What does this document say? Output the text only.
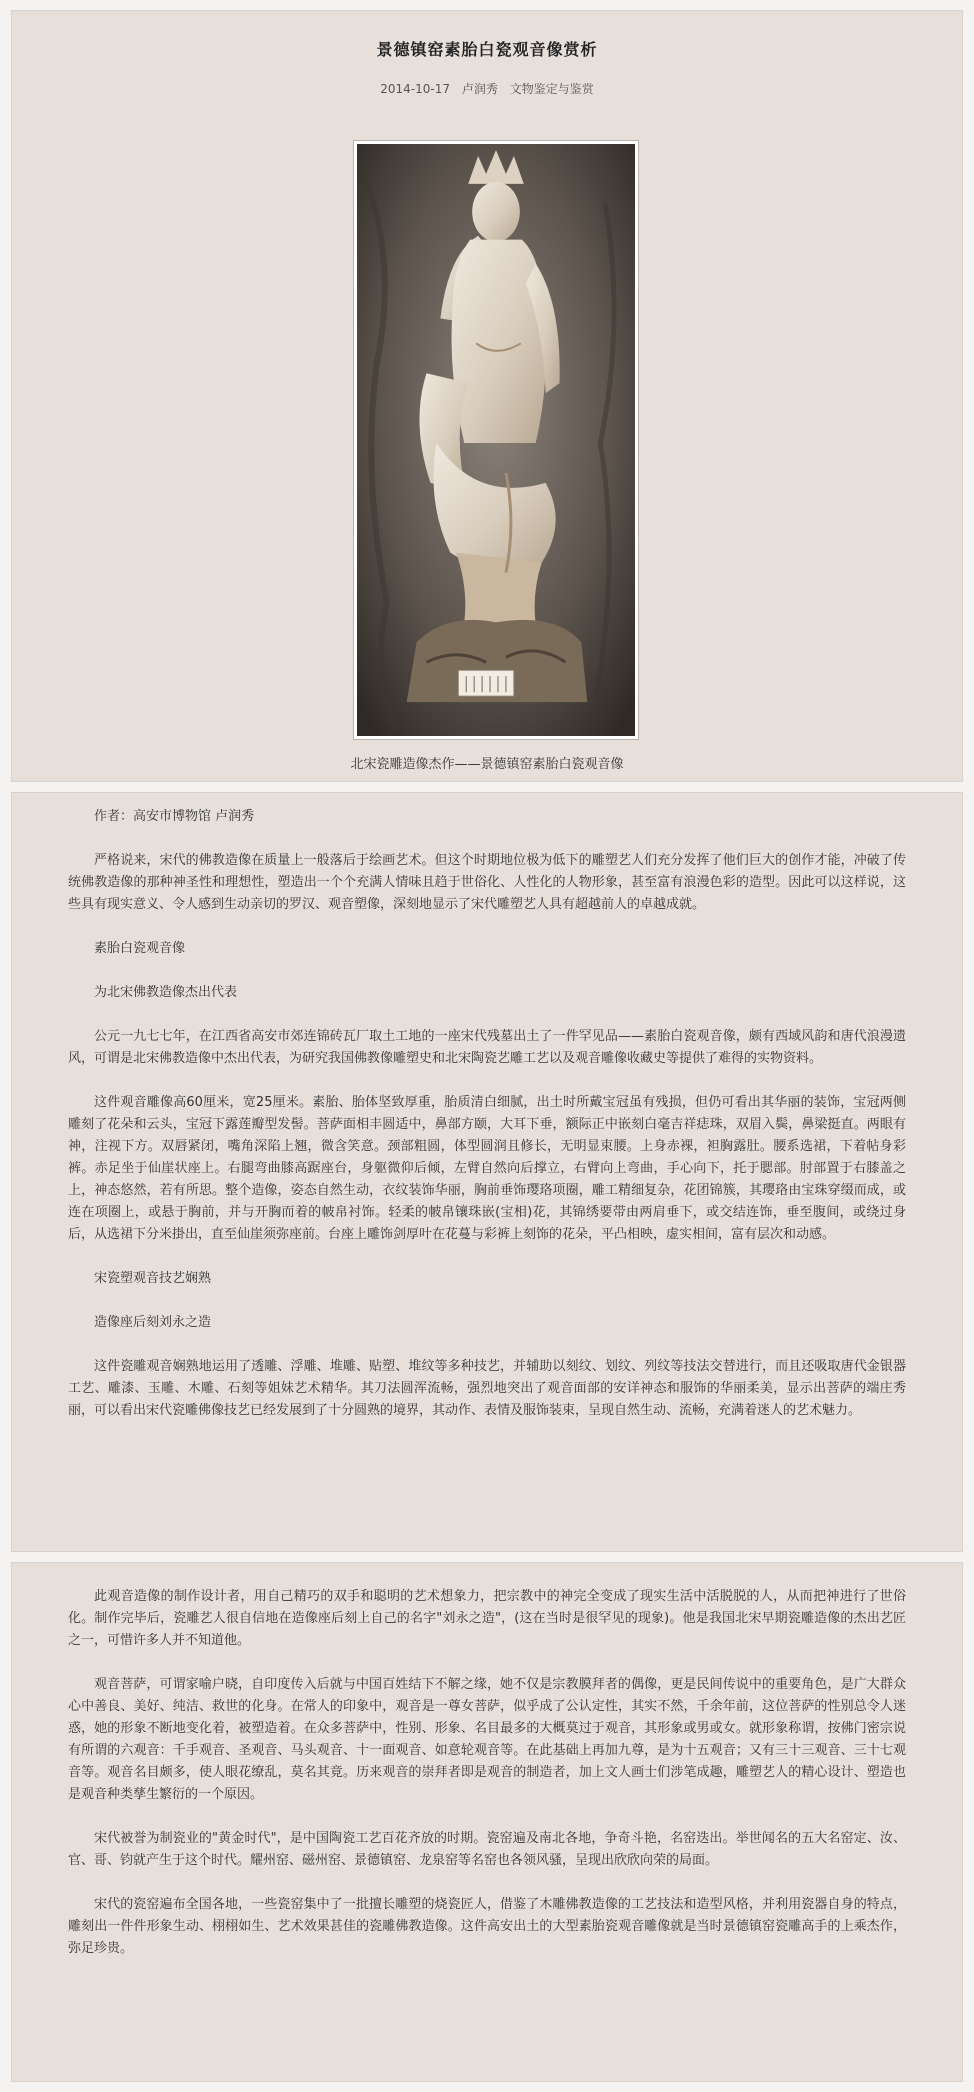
景德镇窑素胎白瓷观音像赏析
2014-10-17 卢润秀 文物鉴定与鉴赏
北宋瓷雕造像杰作——景德镇窑素胎白瓷观音像

作者：高安市博物馆 卢润秀

严格说来，宋代的佛教造像在质量上一般落后于绘画艺术。但这个时期地位极为低下的雕塑艺人们充分发挥了他们巨大的创作才能，冲破了传统佛教造像的那种神圣性和理想性，塑造出一个个充满人情味且趋于世俗化、人性化的人物形象，甚至富有浪漫色彩的造型。因此可以这样说，这些具有现实意义、令人感到生动亲切的罗汉、观音塑像，深刻地显示了宋代雕塑艺人具有超越前人的卓越成就。

素胎白瓷观音像

为北宋佛教造像杰出代表

公元一九七七年，在江西省高安市郊连锦砖瓦厂取土工地的一座宋代残墓出土了一件罕见品——素胎白瓷观音像，颇有西域风韵和唐代浪漫遗风，可谓是北宋佛教造像中杰出代表，为研究我国佛教像雕塑史和北宋陶瓷艺雕工艺以及观音雕像收藏史等提供了难得的实物资料。

这件观音雕像高60厘米，宽25厘米。素胎、胎体坚致厚重，胎质清白细腻，出土时所戴宝冠虽有残损，但仍可看出其华丽的装饰，宝冠两侧雕刻了花朵和云头，宝冠下露莲瓣型发髻。菩萨面相丰圆适中，鼻部方颐，大耳下垂，额际正中嵌刻白毫吉祥痣珠，双眉入鬓，鼻梁挺直。两眼有神，注视下方。双唇紧闭，嘴角深陷上翘，微含笑意。颈部粗圆，体型圆润且修长，无明显束腰。上身赤裸，袒胸露肚。腰系选裙，下着帖身彩裤。赤足坐于仙崖状座上。右腿弯曲膝高踞座台，身躯微仰后倾，左臂自然向后撑立，右臂向上弯曲，手心向下，托于腮部。肘部置于右膝盖之上，神态悠然，若有所思。整个造像，姿态自然生动，衣纹装饰华丽，胸前垂饰璎珞项圈，雕工精细复杂，花团锦簇，其璎珞由宝珠穿缀而成，或连在项圈上，或悬于胸前，并与开胸而着的帔帛衬饰。轻柔的帔帛镶珠嵌(宝相)花，其锦绣要带由两肩垂下，或交结连饰，垂至腹间，或绕过身后，从选裙下分米掛出，直至仙崖须弥座前。台座上雕饰剑厚叶在花蔓与彩裤上刻饰的花朵，平凸相映，虚实相间，富有层次和动感。

宋瓷塑观音技艺娴熟

造像座后刻刘永之造

这件瓷雕观音娴熟地运用了透雕、浮雕、堆雕、贴塑、堆纹等多种技艺，并辅助以刻纹、划纹、列纹等技法交替进行，而且还吸取唐代金银器工艺、雕漆、玉雕、木雕、石刻等姐妹艺术精华。其刀法圆浑流畅，强烈地突出了观音面部的安详神态和服饰的华丽柔美，显示出菩萨的端庄秀丽，可以看出宋代瓷雕佛像技艺已经发展到了十分圆熟的境界，其动作、表情及服饰装束，呈现自然生动、流畅，充满着迷人的艺术魅力。

此观音造像的制作设计者，用自己精巧的双手和聪明的艺术想象力，把宗教中的神完全变成了现实生活中活脱脱的人，从而把神进行了世俗化。制作完毕后，瓷雕艺人很自信地在造像座后刻上自己的名字"刘永之造"，(这在当时是很罕见的现象)。他是我国北宋早期瓷雕造像的杰出艺匠之一，可惜许多人并不知道他。

观音菩萨，可谓家喻户晓，自印度传入后就与中国百姓结下不解之缘，她不仅是宗教膜拜者的偶像，更是民间传说中的重要角色，是广大群众心中善良、美好、纯洁、救世的化身。在常人的印象中，观音是一尊女菩萨，似乎成了公认定性，其实不然，千余年前，这位菩萨的性别总令人迷惑，她的形象不断地变化着，被塑造着。在众多菩萨中，性别、形象、名目最多的大概莫过于观音，其形象或男或女。就形象称谓，按佛门密宗说有所谓的六观音：千手观音、圣观音、马头观音、十一面观音、如意轮观音等。在此基础上再加九尊，是为十五观音；又有三十三观音、三十七观音等。观音名目颇多，使人眼花缭乱，莫名其竟。历来观音的崇拜者即是观音的制造者，加上文人画士们涉笔成趣，雕塑艺人的精心设计、塑造也是观音种类孳生繁衍的一个原因。

宋代被誉为制瓷业的"黄金时代"，是中国陶瓷工艺百花齐放的时期。瓷窑遍及南北各地，争奇斗艳，名窑迭出。举世闻名的五大名窑定、汝、官、哥、钧就产生于这个时代。耀州窑、磁州窑、景德镇窑、龙泉窑等名窑也各领风骚，呈现出欣欣向荣的局面。

宋代的瓷窑遍布全国各地，一些瓷窑集中了一批擅长雕塑的烧瓷匠人，借鉴了木雕佛教造像的工艺技法和造型风格，并利用瓷器自身的特点，雕刻出一件件形象生动、栩栩如生、艺术效果甚佳的瓷雕佛教造像。这件高安出土的大型素胎瓷观音雕像就是当时景德镇窑瓷雕高手的上乘杰作，弥足珍贵。
